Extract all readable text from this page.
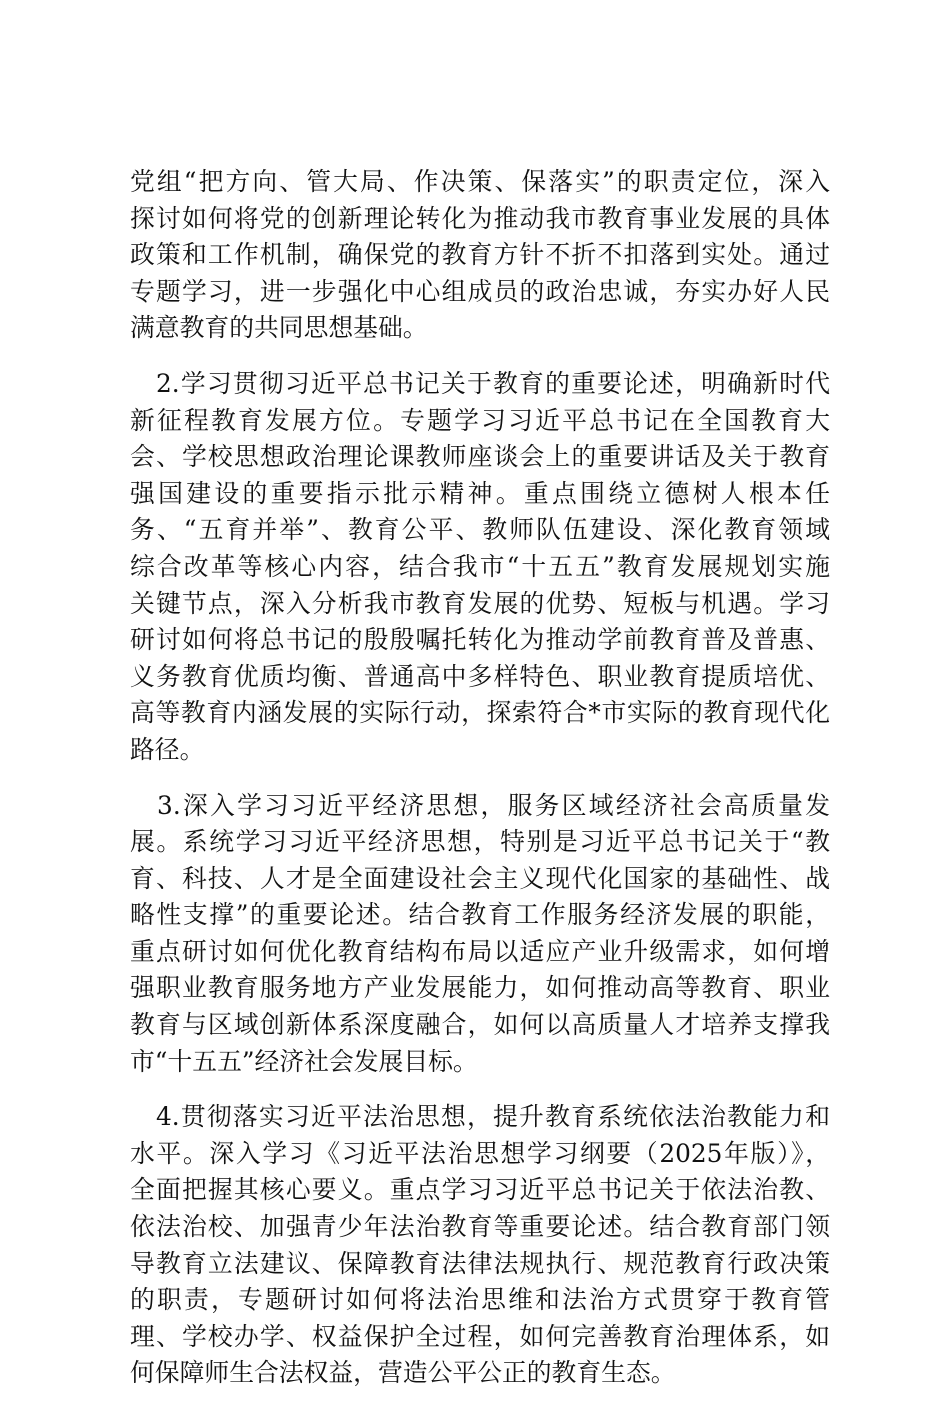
党组“把方向、管大局、作决策、保落实”的职责定位，深入
探讨如何将党的创新理论转化为推动我市教育事业发展的具体
政策和工作机制，确保党的教育方针不折不扣落到实处。通过
专题学习，进一步强化中心组成员的政治忠诚，夯实办好人民
满意教育的共同思想基础。
　2.学习贯彻习近平总书记关于教育的重要论述，明确新时代
新征程教育发展方位。专题学习习近平总书记在全国教育大
会、学校思想政治理论课教师座谈会上的重要讲话及关于教育
强国建设的重要指示批示精神。重点围绕立德树人根本任
务、“五育并举”、教育公平、教师队伍建设、深化教育领域
综合改革等核心内容，结合我市“十五五”教育发展规划实施
关键节点，深入分析我市教育发展的优势、短板与机遇。学习
研讨如何将总书记的殷殷嘱托转化为推动学前教育普及普惠、
义务教育优质均衡、普通高中多样特色、职业教育提质培优、
高等教育内涵发展的实际行动，探索符合*市实际的教育现代化
路径。
　3.深入学习习近平经济思想，服务区域经济社会高质量发
展。系统学习习近平经济思想，特别是习近平总书记关于“教
育、科技、人才是全面建设社会主义现代化国家的基础性、战
略性支撑”的重要论述。结合教育工作服务经济发展的职能，
重点研讨如何优化教育结构布局以适应产业升级需求，如何增
强职业教育服务地方产业发展能力，如何推动高等教育、职业
教育与区域创新体系深度融合，如何以高质量人才培养支撑我
市“十五五”经济社会发展目标。
　4.贯彻落实习近平法治思想，提升教育系统依法治教能力和
水平。深入学习《习近平法治思想学习纲要（2025年版）》，
全面把握其核心要义。重点学习习近平总书记关于依法治教、
依法治校、加强青少年法治教育等重要论述。结合教育部门领
导教育立法建议、保障教育法律法规执行、规范教育行政决策
的职责，专题研讨如何将法治思维和法治方式贯穿于教育管
理、学校办学、权益保护全过程，如何完善教育治理体系，如
何保障师生合法权益，营造公平公正的教育生态。
